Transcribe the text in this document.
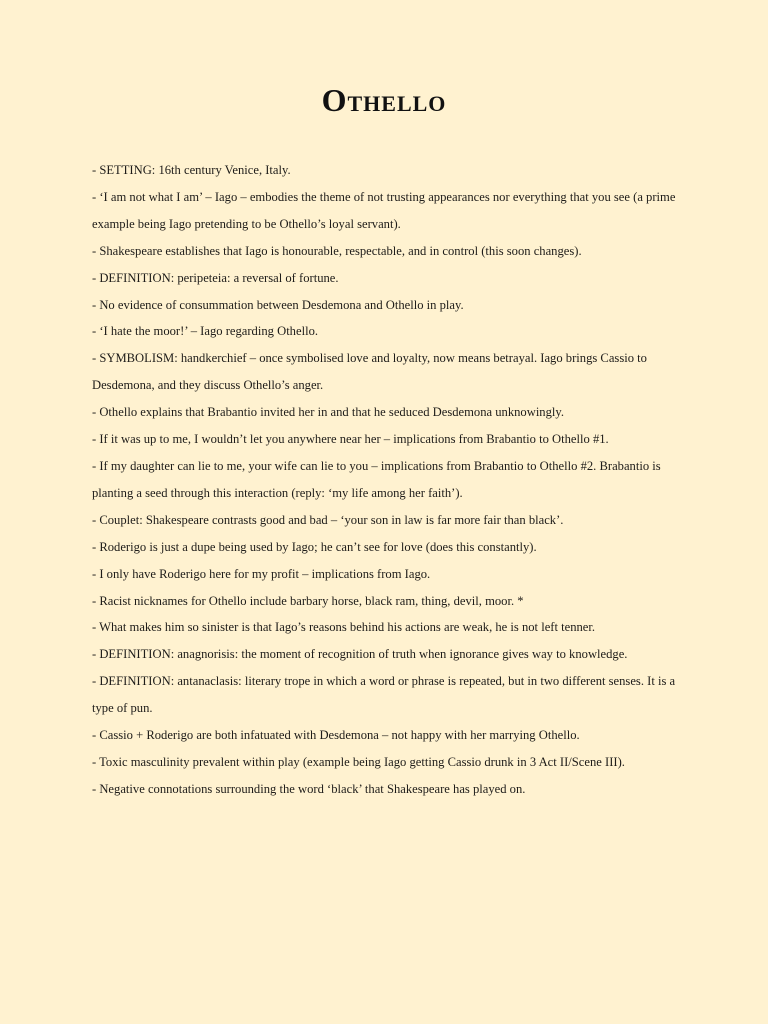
Othello
- SETTING: 16th century Venice, Italy.
- ‘I am not what I am’ – Iago – embodies the theme of not trusting appearances nor everything that you see (a prime example being Iago pretending to be Othello’s loyal servant).
- Shakespeare establishes that Iago is honourable, respectable, and in control (this soon changes).
- DEFINITION: peripeteia: a reversal of fortune.
- No evidence of consummation between Desdemona and Othello in play.
- ‘I hate the moor!’ – Iago regarding Othello.
- SYMBOLISM: handkerchief – once symbolised love and loyalty, now means betrayal. Iago brings Cassio to Desdemona, and they discuss Othello’s anger.
- Othello explains that Brabantio invited her in and that he seduced Desdemona unknowingly.
- If it was up to me, I wouldn’t let you anywhere near her – implications from Brabantio to Othello #1.
- If my daughter can lie to me, your wife can lie to you – implications from Brabantio to Othello #2. Brabantio is planting a seed through this interaction (reply: ‘my life among her faith’).
- Couplet: Shakespeare contrasts good and bad – ‘your son in law is far more fair than black’.
- Roderigo is just a dupe being used by Iago; he can’t see for love (does this constantly).
- I only have Roderigo here for my profit – implications from Iago.
- Racist nicknames for Othello include barbary horse, black ram, thing, devil, moor. *
- What makes him so sinister is that Iago’s reasons behind his actions are weak, he is not left tenner.
- DEFINITION: anagnorisis: the moment of recognition of truth when ignorance gives way to knowledge.
- DEFINITION: antanaclasis: literary trope in which a word or phrase is repeated, but in two different senses. It is a type of pun.
- Cassio + Roderigo are both infatuated with Desdemona – not happy with her marrying Othello.
- Toxic masculinity prevalent within play (example being Iago getting Cassio drunk in 3 Act II/Scene III).
- Negative connotations surrounding the word ‘black’ that Shakespeare has played on.
